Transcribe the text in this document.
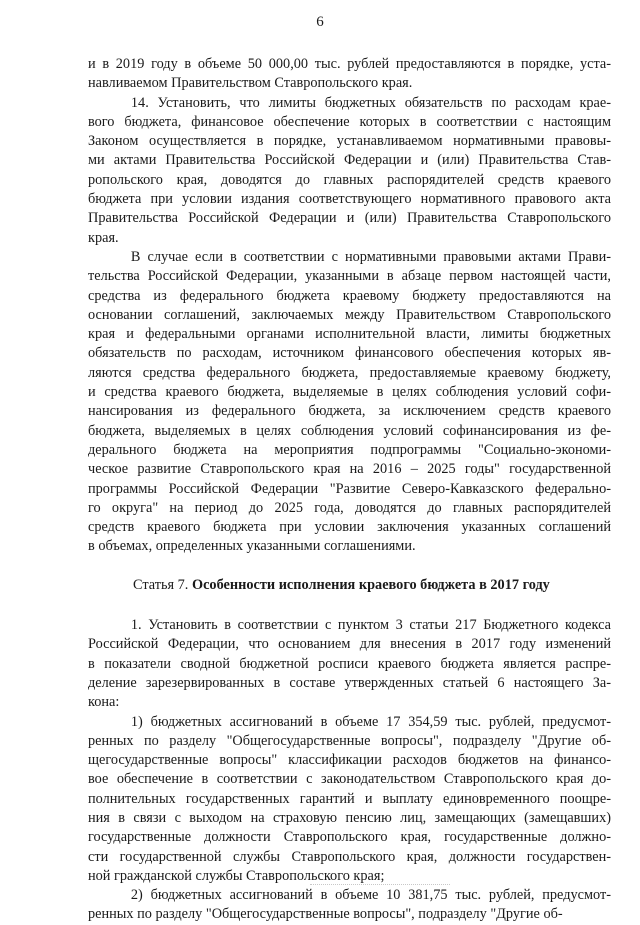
6
и в 2019 году в объеме 50 000,00 тыс. рублей предоставляются в порядке, уста-
навливаемом Правительством Ставропольского края.
   14. Установить, что лимиты бюджетных обязательств по расходам крае-
вого бюджета, финансовое обеспечение которых в соответствии с настоящим
Законом осуществляется в порядке, устанавливаемом нормативными правовы-
ми актами Правительства Российской Федерации и (или) Правительства Став-
ропольского края, доводятся до главных распорядителей средств краевого
бюджета при условии издания соответствующего нормативного правового акта
Правительства Российской Федерации и (или) Правительства Ставропольского
края.
   В случае если в соответствии с нормативными правовыми актами Прави-
тельства Российской Федерации, указанными в абзаце первом настоящей части,
средства из федерального бюджета краевому бюджету предоставляются на
основании соглашений, заключаемых между Правительством Ставропольского
края и федеральными органами исполнительной власти, лимиты бюджетных
обязательств по расходам, источником финансового обеспечения которых яв-
ляются средства федерального бюджета, предоставляемые краевому бюджету,
и средства краевого бюджета, выделяемые в целях соблюдения условий софи-
нансирования из федерального бюджета, за исключением средств краевого
бюджета, выделяемых в целях соблюдения условий софинансирования из фе-
дерального бюджета на мероприятия подпрограммы "Социально-экономи-
ческое развитие Ставропольского края на 2016 – 2025 годы" государственной
программы Российской Федерации "Развитие Северо-Кавказского федерально-
го округа" на период до 2025 года, доводятся до главных распорядителей
средств краевого бюджета при условии заключения указанных соглашений
в объемах, определенных указанными соглашениями.
Статья 7. Особенности исполнения краевого бюджета в 2017 году
   1. Установить в соответствии с пунктом 3 статьи 217 Бюджетного кодекса
Российской Федерации, что основанием для внесения в 2017 году изменений
в показатели сводной бюджетной росписи краевого бюджета является распре-
деление зарезервированных в составе утвержденных статьей 6 настоящего За-
кона:
   1) бюджетных ассигнований в объеме 17 354,59 тыс. рублей, предусмот-
ренных по разделу "Общегосударственные вопросы", подразделу "Другие об-
щегосударственные вопросы" классификации расходов бюджетов на финансо-
вое обеспечение в соответствии с законодательством Ставропольского края до-
полнительных государственных гарантий и выплату единовременного поощре-
ния в связи с выходом на страховую пенсию лиц, замещающих (замещавших)
государственные должности Ставропольского края, государственные должно-
сти государственной службы Ставропольского края, должности государствен-
ной гражданской службы Ставропольского края;
   2) бюджетных ассигнований в объеме 10 381,75 тыс. рублей, предусмот-
ренных по разделу "Общегосударственные вопросы", подразделу "Другие об-
